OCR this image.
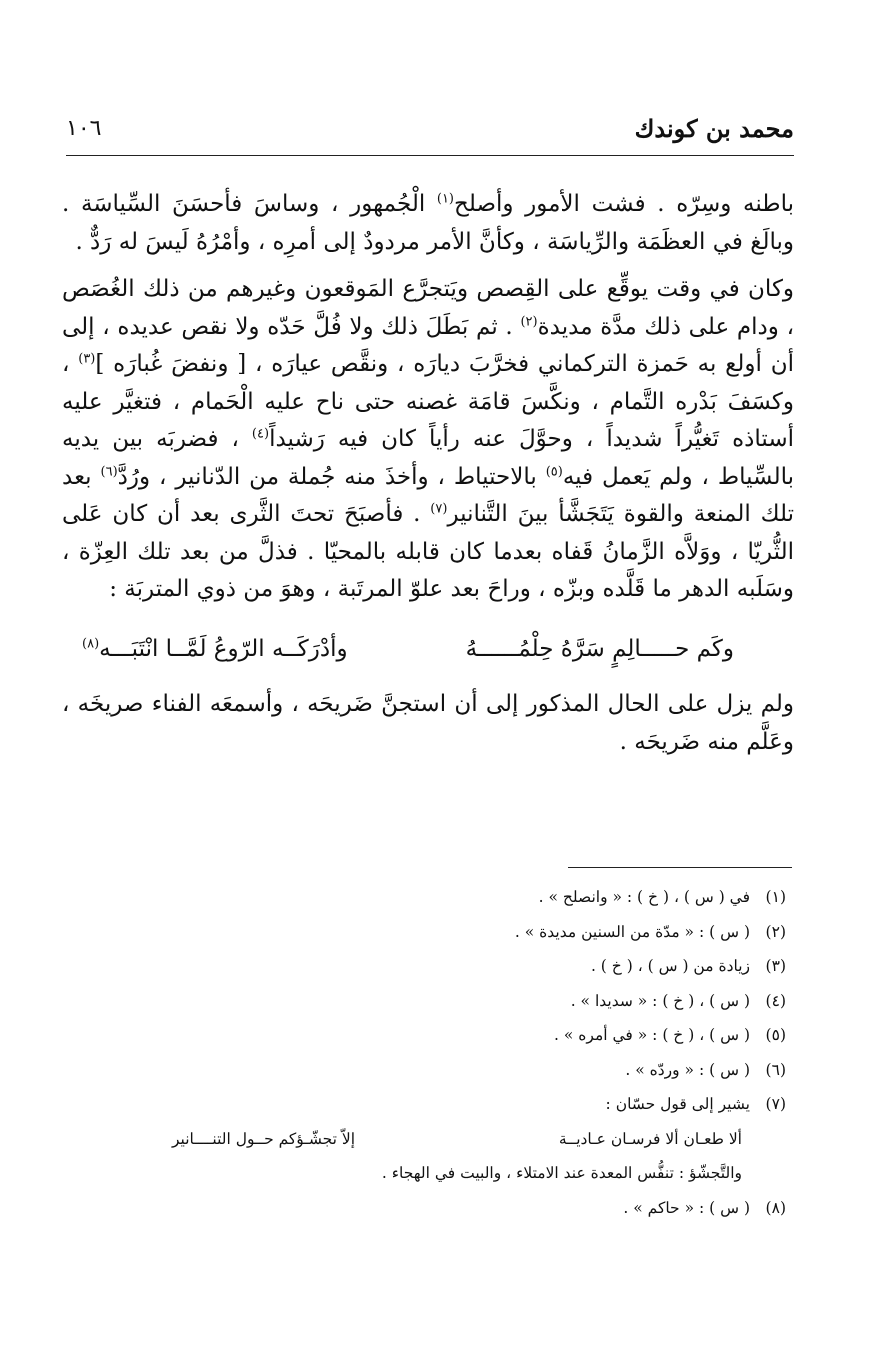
محمد بن كوندك
١٠٦

باطنه وسِرّه . فشت الأمور وأصلح$^{(١)}$ الْجُمهور ، وساسَ فأحسَنَ السِّياسَة . وبالَغ في العظَمَة والرِّياسَة ، وكأنَّ الأمر مردودٌ إلى أمرِه ، وأمْرُهُ لَيسَ له رَدٌّ .

وكان في وقت يوقِّع على القِصص ويَتجرَّع المَوقعون وغيرهم من ذلك الغُصَص ، ودام على ذلك مدَّة مديدة$^{(٢)}$ . ثم بَطَلَ ذلك ولا فُلَّ حَدّه ولا نقص عديده ، إلى أن أولع به حَمزة التركماني فخرَّبَ ديارَه ، ونقَّص عيارَه ، [ ونفضَ غُبارَه ]$^{(٣)}$ ، وكسَفَ بَدْره التَّمام ، ونكَّسَ قامَة غصنه حتى ناح عليه الْحَمام ، فتغيَّر عليه أستاذه تَغيُّراً شديداً ، وحوَّلَ عنه رأياً كان فيه رَشيداً$^{(٤)}$ ، فضربَه بين يديه بالسِّياط ، ولم يَعمل فيه$^{(٥)}$ بالاحتياط ، وأخذَ منه جُملة من الدّنانير ، ورُدَّ$^{(٦)}$ بعد تلك المنعة والقوة يَتَجَشَّأ بينَ التَّنانير$^{(٧)}$ . فأصبَحَ تحتَ الثَّرى بعد أن كان عَلى الثُّريّا ، ووَلاَّه الزَّمانُ قَفاه بعدما كان قابله بالمحيّا . فذلَّ من بعد تلك العِزّة ، وسَلَبه الدهر ما قَلَّده وبزّه ، وراحَ بعد علوّ المرتَبة ، وهوَ من ذوي المتربَة :

وكَم حـــــالِمٍ سَرَّهُ حِلْمُــــــهُ
وأدْرَكَــه الرّوعُ لَمَّــا انْتَبَـــه$^{(٨)}$

ولم يزل على الحال المذكور إلى أن استجنَّ ضَريحَه ، وأسمعَه الفناء صريخَه ، وعَلَّم منه ضَريحَه .

(١)
في ( س ) ، ( خ ) : « وانصلح » .
(٢)
( س ) : « مدّة من السنين مديدة » .
(٣)
زيادة من ( س ) ، ( خ ) .
(٤)
( س ) ، ( خ ) : « سديدا » .
(٥)
( س ) ، ( خ ) : « في أمره » .
(٦)
( س ) : « وردّه » .
(٧)
يشير إلى قول حسّان :
ألا طعـان ألا فرسـان عـاديــة
إلاّ تجشّـؤكم حــول التنــــانير
والتَّجشّؤ : تنفُّس المعدة عند الامتلاء ، والبيت في الهجاء .
(٨)
( س ) : « حاكم » .
